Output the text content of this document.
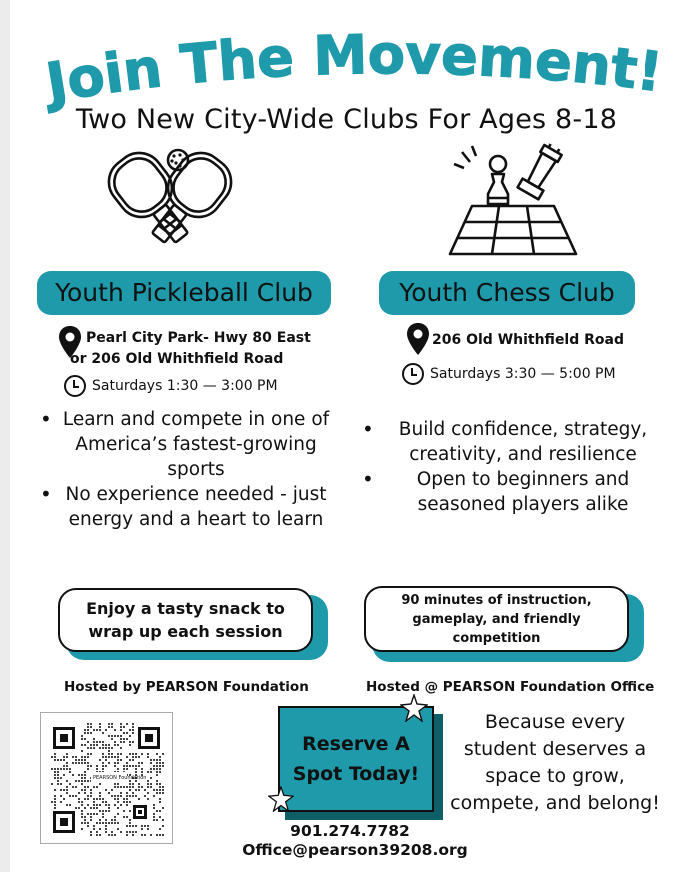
Join The Movement!
Two New City-Wide Clubs For Ages 8-18
Youth Pickleball Club	Youth Chess Club
Pearl City Park- Hwy 80 East
or 206 Old Whithfield Road
Saturdays 1:30 — 3:00 PM
• Learn and compete in one of America’s fastest-growing sports
• No experience needed - just energy and a heart to learn
206 Old Whithfield Road
Saturdays 3:30 — 5:00 PM
• Build confidence, strategy, creativity, and resilience
• Open to beginners and seasoned players alike
Enjoy a tasty snack to wrap up each session
90 minutes of instruction, gameplay, and friendly competition
Hosted by PEARSON Foundation	Hosted @ PEARSON Foundation Office
PEARSON Foundation
Reserve A
Spot Today!
901.274.7782
Office@pearson39208.org
Because every student deserves a space to grow, compete, and belong!
